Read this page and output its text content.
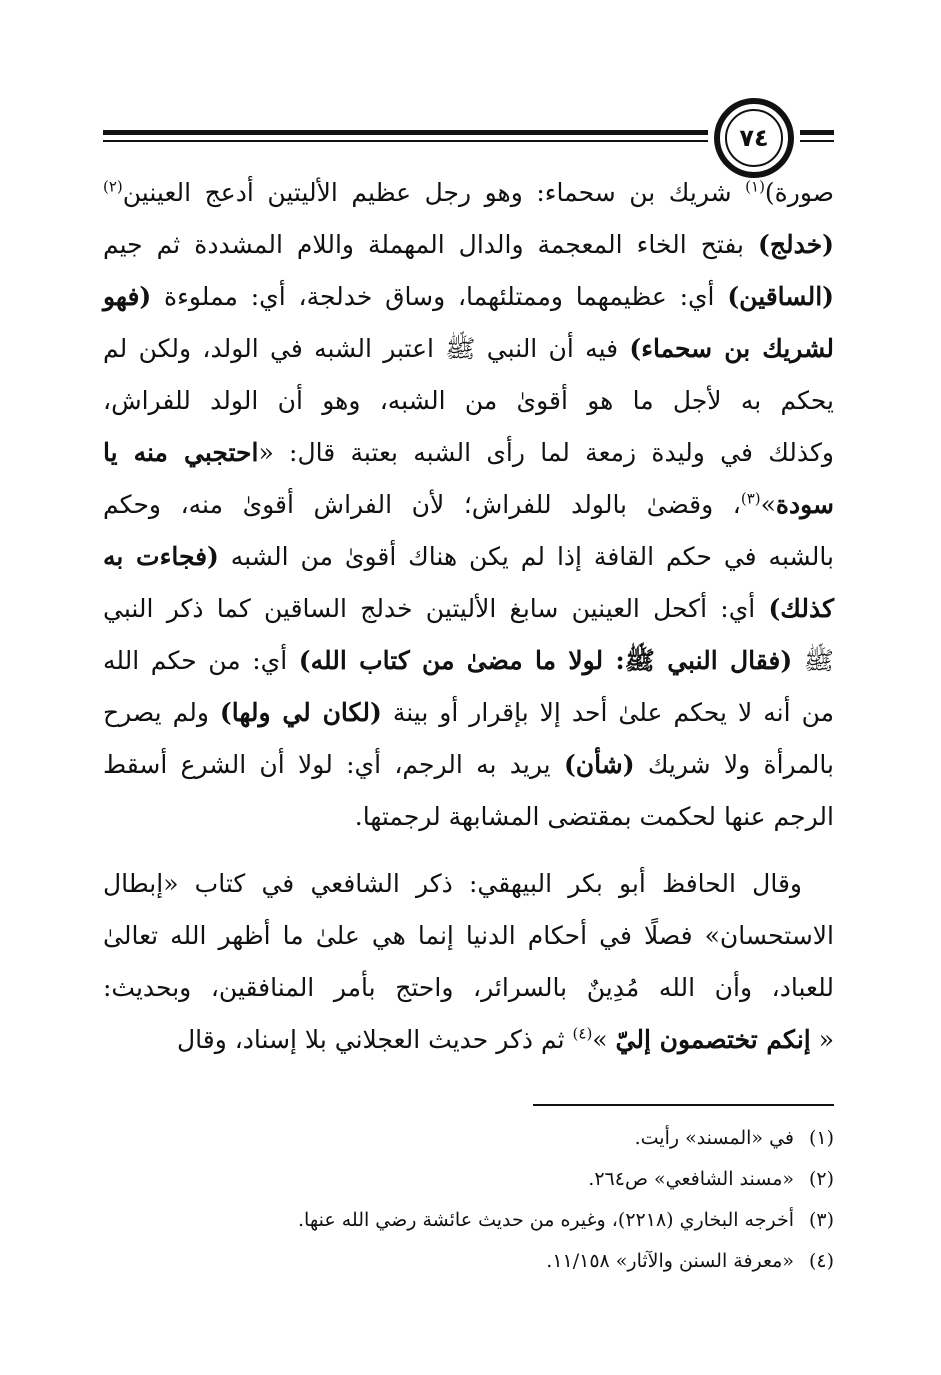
٧٤
صورة)$^{(١)}$ شريك بن سحماء: وهو رجل عظيم الأليتين أدعج العينين$^{(٢)}$
(خدلج) بفتح الخاء المعجمة والدال المهملة واللام المشددة ثم جيم
(الساقين) أي: عظيمهما وممتلئهما، وساق خدلجة، أي: مملوءة (فهو
لشريك بن سحماء) فيه أن النبي ﷺ اعتبر الشبه في الولد، ولكن لم
يحكم به لأجل ما هو أقوىٰ من الشبه، وهو أن الولد للفراش،
وكذلك في وليدة زمعة لما رأى الشبه بعتبة قال: «احتجبي منه يا
سودة»$^{(٣)}$، وقضىٰ بالولد للفراش؛ لأن الفراش أقوىٰ منه، وحكم
بالشبه في حكم القافة إذا لم يكن هناك أقوىٰ من الشبه (فجاءت به
كذلك) أي: أكحل العينين سابغ الأليتين خدلج الساقين كما ذكر النبي
ﷺ (فقال النبي ﷺ: لولا ما مضىٰ من كتاب الله) أي: من حكم الله
من أنه لا يحكم علىٰ أحد إلا بإقرار أو بينة (لكان لي ولها) ولم يصرح
بالمرأة ولا شريك (شأن) يريد به الرجم، أي: لولا أن الشرع أسقط
الرجم عنها لحكمت بمقتضى المشابهة لرجمتها.
وقال الحافظ أبو بكر البيهقي: ذكر الشافعي في كتاب «إبطال
الاستحسان» فصلًا في أحكام الدنيا إنما هي علىٰ ما أظهر الله تعالىٰ
للعباد، وأن الله مُدِينٌ بالسرائر، واحتج بأمر المنافقين، وبحديث:
« إنكم تختصمون إليّ »$^{(٤)}$ ثم ذكر حديث العجلاني بلا إسناد، وقال
(١)في «المسند» رأيت.
(٢)«مسند الشافعي» ص٢٦٤.
(٣)أخرجه البخاري (٢٢١٨)، وغيره من حديث عائشة رضي الله عنها.
(٤)«معرفة السنن والآثار» ١١/١٥٨.
